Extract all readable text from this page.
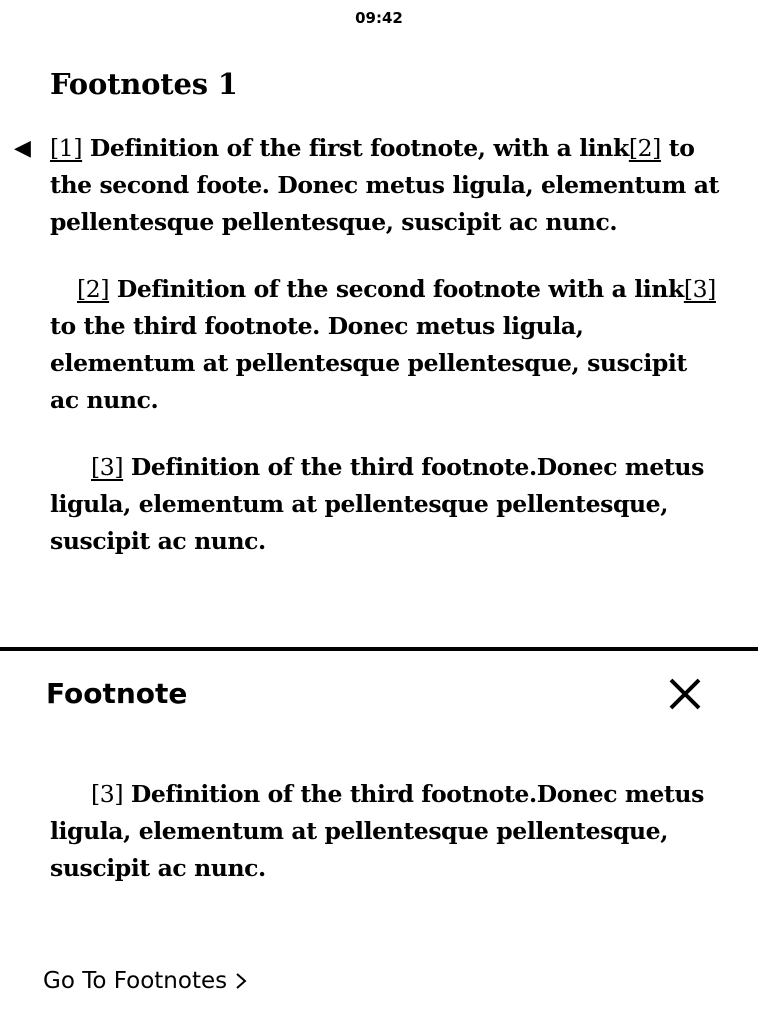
09:42
Footnotes 1

◀ [1] Definition of the first footnote, with a link[2] to the second foote. Donec metus ligula, elementum at pellentesque pellentesque, suscipit ac nunc.

[2] Definition of the second footnote with a link[3] to the third footnote. Donec metus ligula, elementum at pellentesque pellentesque, suscipit ac nunc.

[3] Definition of the third footnote.Donec metus ligula, elementum at pellentesque pellentesque, suscipit ac nunc.

Footnote

[3] Definition of the third footnote.Donec metus ligula, elementum at pellentesque pellentesque, suscipit ac nunc.

Go To Footnotes
